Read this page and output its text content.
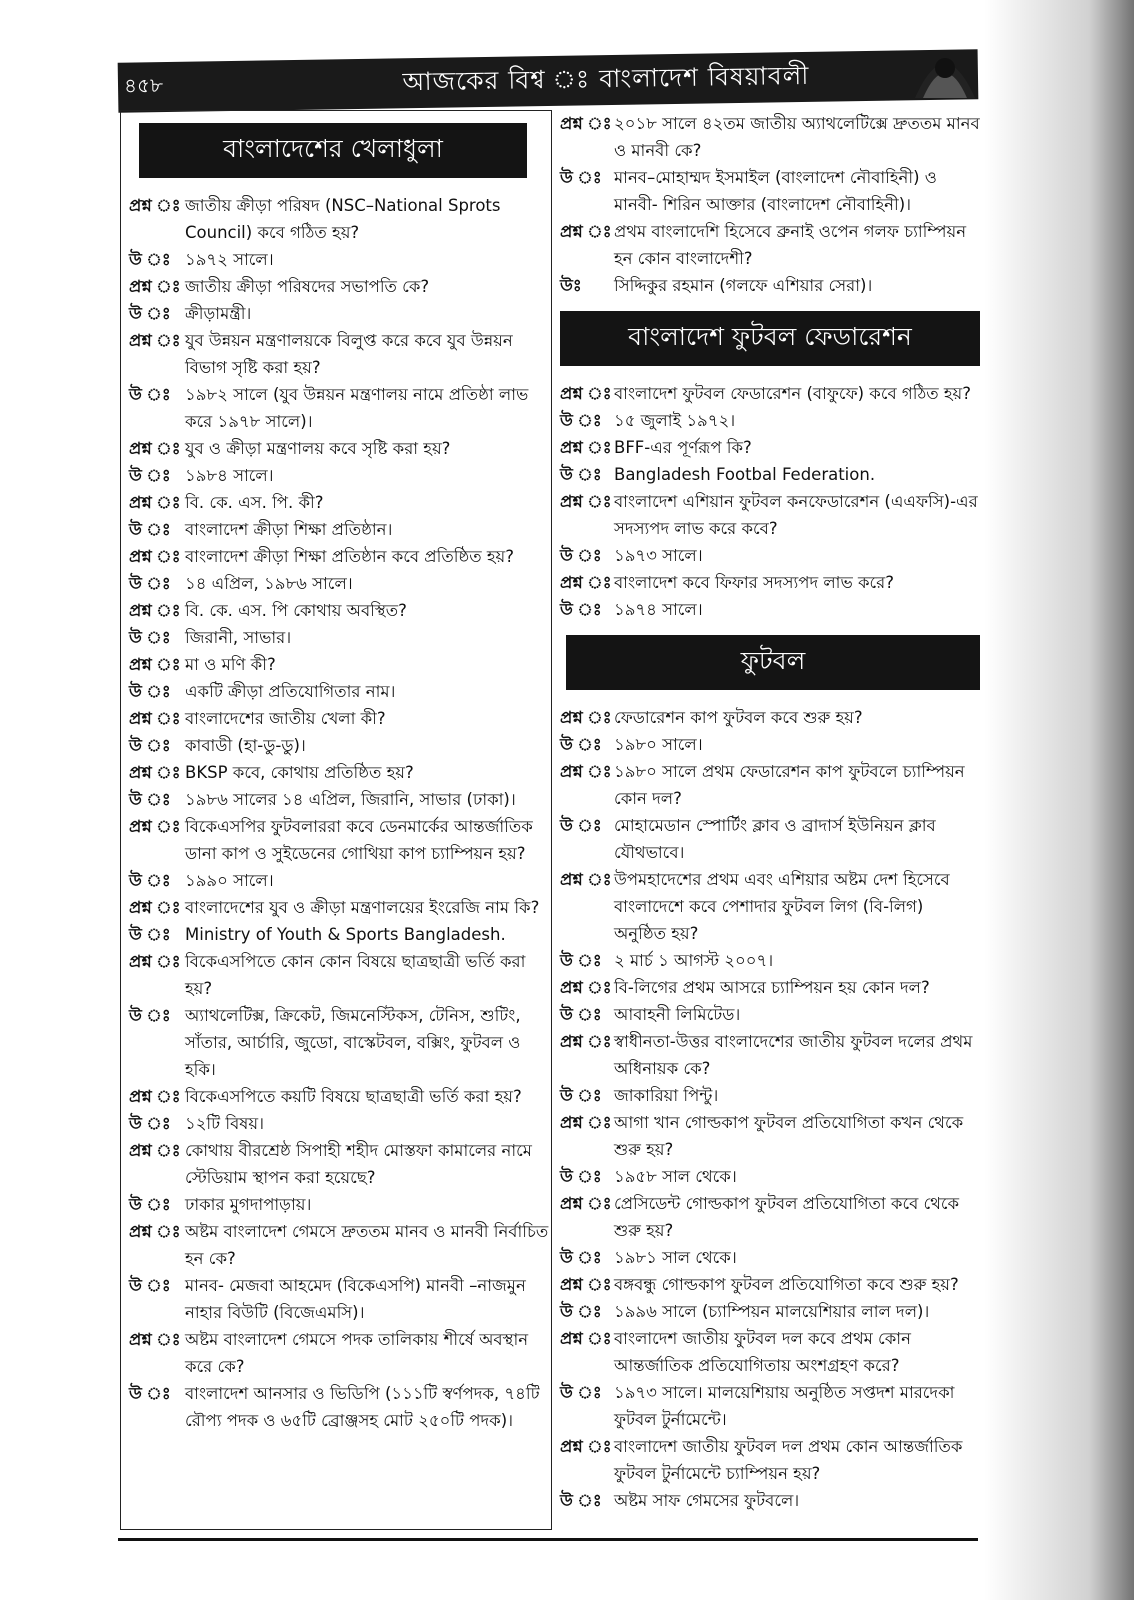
৪৫৮	আজকের বিশ্ব ঃ বাংলাদেশ বিষয়াবলী
বাংলাদেশের খেলাধুলা
প্রশ্ন ঃ জাতীয় ক্রীড়া পরিষদ (NSC–National Sprots Council) কবে গঠিত হয়?
উ ঃ ১৯৭২ সালে।
প্রশ্ন ঃ জাতীয় ক্রীড়া পরিষদের সভাপতি কে?
উ ঃ ক্রীড়ামন্ত্রী।
প্রশ্ন ঃ যুব উন্নয়ন মন্ত্রণালয়কে বিলুপ্ত করে কবে যুব উন্নয়ন বিভাগ সৃষ্টি করা হয়?
উ ঃ ১৯৮২ সালে (যুব উন্নয়ন মন্ত্রণালয় নামে প্রতিষ্ঠা লাভ করে ১৯৭৮ সালে)।
প্রশ্ন ঃ যুব ও ক্রীড়া মন্ত্রণালয় কবে সৃষ্টি করা হয়?
উ ঃ ১৯৮৪ সালে।
প্রশ্ন ঃ বি. কে. এস. পি. কী?
উ ঃ বাংলাদেশ ক্রীড়া শিক্ষা প্রতিষ্ঠান।
প্রশ্ন ঃ বাংলাদেশ ক্রীড়া শিক্ষা প্রতিষ্ঠান কবে প্রতিষ্ঠিত হয়?
উ ঃ ১৪ এপ্রিল, ১৯৮৬ সালে।
প্রশ্ন ঃ বি. কে. এস. পি কোথায় অবস্থিত?
উ ঃ জিরানী, সাভার।
প্রশ্ন ঃ মা ও মণি কী?
উ ঃ একটি ক্রীড়া প্রতিযোগিতার নাম।
প্রশ্ন ঃ বাংলাদেশের জাতীয় খেলা কী?
উ ঃ কাবাডী (হা-ডু-ডু)।
প্রশ্ন ঃ BKSP কবে, কোথায় প্রতিষ্ঠিত হয়?
উ ঃ ১৯৮৬ সালের ১৪ এপ্রিল, জিরানি, সাভার (ঢাকা)।
প্রশ্ন ঃ বিকেএসপির ফুটবলাররা কবে ডেনমার্কের আন্তর্জাতিক ডানা কাপ ও সুইডেনের গোথিয়া কাপ চ্যাম্পিয়ন হয়?
উ ঃ ১৯৯০ সালে।
প্রশ্ন ঃ বাংলাদেশের যুব ও ক্রীড়া মন্ত্রণালয়ের ইংরেজি নাম কি?
উ ঃ Ministry of Youth & Sports Bangladesh.
প্রশ্ন ঃ বিকেএসপিতে কোন কোন বিষয়ে ছাত্রছাত্রী ভর্তি করা হয়?
উ ঃ অ্যাথলেটিক্স, ক্রিকেট, জিমনেস্টিকস, টেনিস, শুটিং, সাঁতার, আর্চারি, জুডো, বাস্কেটবল, বক্সিং, ফুটবল ও হকি।
প্রশ্ন ঃ বিকেএসপিতে কয়টি বিষয়ে ছাত্রছাত্রী ভর্তি করা হয়?
উ ঃ ১২টি বিষয়।
প্রশ্ন ঃ কোথায় বীরশ্রেষ্ঠ সিপাহী শহীদ মোস্তফা কামালের নামে স্টেডিয়াম স্থাপন করা হয়েছে?
উ ঃ ঢাকার মুগদাপাড়ায়।
প্রশ্ন ঃ অষ্টম বাংলাদেশ গেমসে দ্রুততম মানব ও মানবী নির্বাচিত হন কে?
উ ঃ মানব- মেজবা আহমেদ (বিকেএসপি) মানবী –নাজমুন নাহার বিউটি (বিজেএমসি)।
প্রশ্ন ঃ অষ্টম বাংলাদেশ গেমসে পদক তালিকায় শীর্ষে অবস্থান করে কে?
উ ঃ বাংলাদেশ আনসার ও ভিডিপি (১১১টি স্বর্ণপদক, ৭৪টি রৌপ্য পদক ও ৬৫টি ব্রোঞ্জসহ মোট ২৫০টি পদক)।
প্রশ্ন ঃ ২০১৮ সালে ৪২তম জাতীয় অ্যাথলেটিক্সে দ্রুততম মানব ও মানবী কে?
উ ঃ মানব–মোহাম্মদ ইসমাইল (বাংলাদেশ নৌবাহিনী) ও মানবী- শিরিন আক্তার (বাংলাদেশ নৌবাহিনী)।
প্রশ্ন ঃ প্রথম বাংলাদেশি হিসেবে ব্রুনাই ওপেন গলফ চ্যাম্পিয়ন হন কোন বাংলাদেশী?
উঃ	সিদ্দিকুর রহমান (গলফে এশিয়ার সেরা)।
বাংলাদেশ ফুটবল ফেডারেশন
প্রশ্ন ঃ বাংলাদেশ ফুটবল ফেডারেশন (বাফুফে) কবে গঠিত হয়?
উ ঃ ১৫ জুলাই ১৯৭২।
প্রশ্ন ঃ BFF-এর পূর্ণরূপ কি?
উ ঃ Bangladesh Footbal Federation.
প্রশ্ন ঃ বাংলাদেশ এশিয়ান ফুটবল কনফেডারেশন (এএফসি)-এর সদস্যপদ লাভ করে কবে?
উ ঃ ১৯৭৩ সালে।
প্রশ্ন ঃ বাংলাদেশ কবে ফিফার সদস্যপদ লাভ করে?
উ ঃ ১৯৭৪ সালে।
ফুটবল
প্রশ্ন ঃ ফেডারেশন কাপ ফুটবল কবে শুরু হয়?
উ ঃ ১৯৮০ সালে।
প্রশ্ন ঃ ১৯৮০ সালে প্রথম ফেডারেশন কাপ ফুটবলে চ্যাম্পিয়ন কোন দল?
উ ঃ মোহামেডান স্পোর্টিং ক্লাব ও ব্রাদার্স ইউনিয়ন ক্লাব যৌথভাবে।
প্রশ্ন ঃ উপমহাদেশের প্রথম এবং এশিয়ার অষ্টম দেশ হিসেবে বাংলাদেশে কবে পেশাদার ফুটবল লিগ (বি-লিগ) অনুষ্ঠিত হয়?
উ ঃ ২ মার্চ ১ আগস্ট ২০০৭।
প্রশ্ন ঃ বি-লিগের প্রথম আসরে চ্যাম্পিয়ন হয় কোন দল?
উ ঃ আবাহনী লিমিটেড।
প্রশ্ন ঃ স্বাধীনতা-উত্তর বাংলাদেশের জাতীয় ফুটবল দলের প্রথম অধিনায়ক কে?
উ ঃ জাকারিয়া পিন্টু।
প্রশ্ন ঃ আগা খান গোল্ডকাপ ফুটবল প্রতিযোগিতা কখন থেকে শুরু হয়?
উ ঃ ১৯৫৮ সাল থেকে।
প্রশ্ন ঃ প্রেসিডেন্ট গোল্ডকাপ ফুটবল প্রতিযোগিতা কবে থেকে শুরু হয়?
উ ঃ ১৯৮১ সাল থেকে।
প্রশ্ন ঃ বঙ্গবন্ধু গোল্ডকাপ ফুটবল প্রতিযোগিতা কবে শুরু হয়?
উ ঃ ১৯৯৬ সালে (চ্যাম্পিয়ন মালয়েশিয়ার লাল দল)।
প্রশ্ন ঃ বাংলাদেশ জাতীয় ফুটবল দল কবে প্রথম কোন আন্তর্জাতিক প্রতিযোগিতায় অংশগ্রহণ করে?
উ ঃ ১৯৭৩ সালে। মালয়েশিয়ায় অনুষ্ঠিত সপ্তদশ মারদেকা ফুটবল টুর্নামেন্টে।
প্রশ্ন ঃ বাংলাদেশ জাতীয় ফুটবল দল প্রথম কোন আন্তর্জাতিক ফুটবল টুর্নামেন্টে চ্যাম্পিয়ন হয়?
উ ঃ অষ্টম সাফ গেমসের ফুটবলে।
